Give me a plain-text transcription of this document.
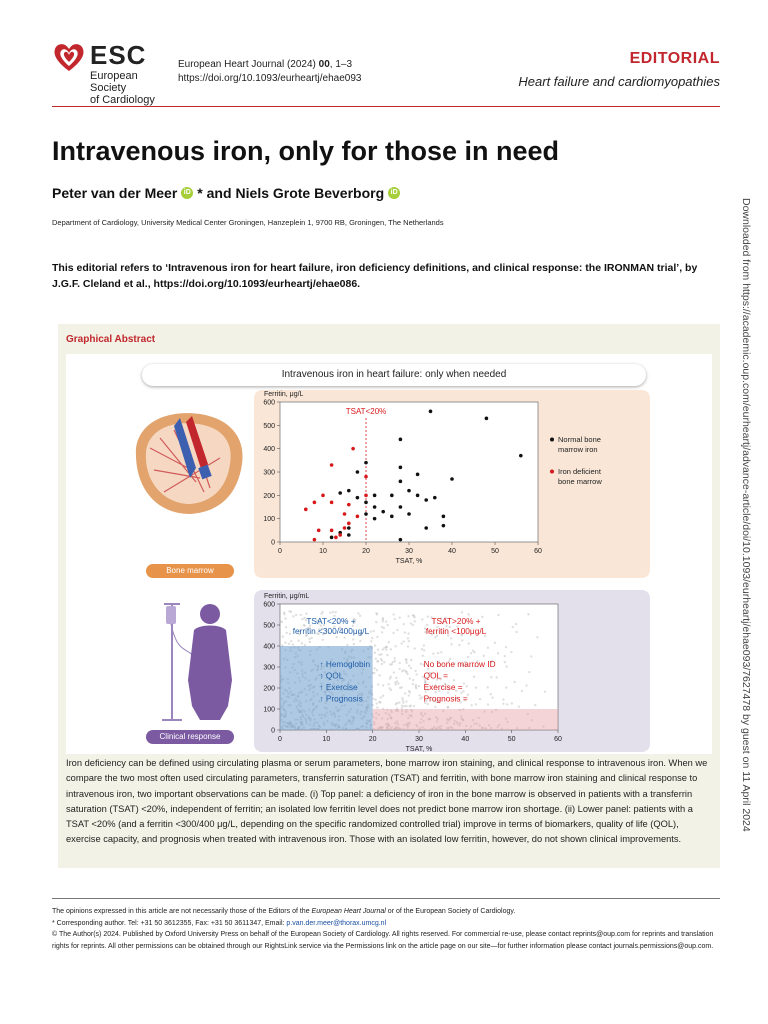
ESC
European Society
of Cardiology
European Heart Journal (2024) 00, 1–3
https://doi.org/10.1093/eurheartj/ehae093
EDITORIAL
Heart failure and cardiomyopathies
Intravenous iron, only for those in need
Peter van der Meer iD * and Niels Grote Beverborg iD
Department of Cardiology, University Medical Center Groningen, Hanzeplein 1, 9700 RB, Groningen, The Netherlands
This editorial refers to ‘Intravenous iron for heart failure, iron deficiency definitions, and clinical response: the IRONMAN trial’, by J.G.F. Cleland et al., https://doi.org/10.1093/eurheartj/ehae086.
Graphical Abstract
Intravenous iron in heart failure: only when needed
Bone marrow
Clinical response
0	10	20	30	40	50	60
0
100
200
300
400
500
600
TSAT, %
Ferritin, μg/L
TSAT<20%
Normal bone
marrow iron
Iron deficient
bone marrow
0	10	20	30	40	50	60
0
100
200
300
400
500
600
TSAT, %
Ferritin, μg/mL
TSAT<20% +
ferritin <300/400μg/L
↑ Hemoglobin
↑ QOL
↑ Exercise
↑ Prognosis
TSAT>20% +
ferritin <100μg/L
No bone marrow ID
QOL =
Exercise =
Prognosis =
Iron deficiency can be defined using circulating plasma or serum parameters, bone marrow iron staining, and clinical response to intravenous iron. When we compare the two most often used circulating parameters, transferrin saturation (TSAT) and ferritin, with bone marrow iron staining and clinical response to intravenous iron, two important observations can be made. (i) Top panel: a deficiency of iron in the bone marrow is observed in patients with a transferrin saturation (TSAT) <20%, independent of ferritin; an isolated low ferritin level does not predict bone marrow iron shortage. (ii) Lower panel: patients with a TSAT <20% (and a ferritin <300/400 μg/L, depending on the specific randomized controlled trial) improve in terms of biomarkers, quality of life (QOL), exercise capacity, and prognosis when treated with intravenous iron. Those with an isolated low ferritin, however, do not shown clinical improvements.
The opinions expressed in this article are not necessarily those of the Editors of the European Heart Journal or of the European Society of Cardiology.
* Corresponding author. Tel: +31 50 3612355, Fax: +31 50 3611347, Email: p.van.der.meer@thorax.umcg.nl
© The Author(s) 2024. Published by Oxford University Press on behalf of the European Society of Cardiology. All rights reserved. For commercial re-use, please contact reprints@oup.com for reprints and translation rights for reprints. All other permissions can be obtained through our RightsLink service via the Permissions link on the article page on our site—for further information please contact journals.permissions@oup.com.
Downloaded from https://academic.oup.com/eurheartj/advance-article/doi/10.1093/eurheartj/ehae093/7627478 by guest on 11 April 2024
